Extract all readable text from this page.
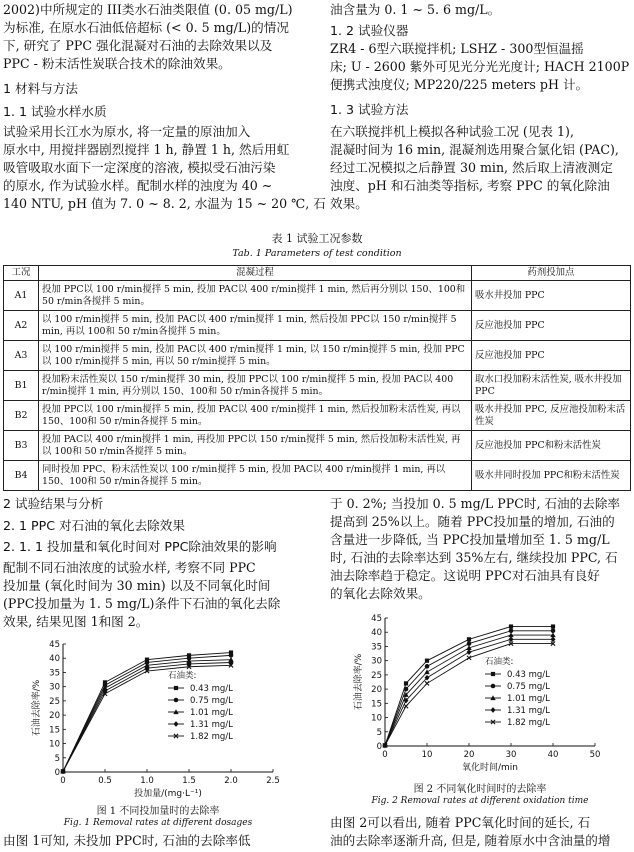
2002)中所规定的 III类水石油类限值 (0. 05 mg/L)
为标准, 在原水石油低倍超标 (< 0. 5 mg/L)的情况
下, 研究了 PPC 强化混凝对石油的去除效果以及
PPC - 粉末活性炭联合技术的除油效果。
1 材料与方法
1. 1 试验水样水质
试验采用长江水为原水, 将一定量的原油加入
原水中, 用搅拌器剧烈搅拌 1 h, 静置 1 h, 然后用虹
吸管吸取水面下一定深度的溶液, 模拟受石油污染
的原水, 作为试验水样。配制水样的浊度为 40 ~
140 NTU, pH 值为 7. 0 ~ 8. 2, 水温为 15 ~ 20 ℃, 石
油含量为 0. 1 ~ 5. 6 mg/L。
1. 2 试验仪器
ZR4 - 6型六联搅拌机; LSHZ - 300型恒温摇
床; U - 2600 紫外可见光分光光度计; HACH 2100P
便携式浊度仪; MP220/225 meters pH 计。
1. 3 试验方法
在六联搅拌机上模拟各种试验工况 (见表 1),
混凝时间为 16 min, 混凝剂选用聚合氯化铝 (PAC),
经过工况模拟之后静置 30 min, 然后取上清液测定
浊度、pH 和石油类等指标, 考察 PPC 的氧化除油
效果。
表 1 试验工况参数
Tab. 1 Parameters of test condition
工况	混凝过程	药剂投加点
A1	投加 PPC以 100 r/min搅拌 5 min, 投加 PAC以 400 r/min搅拌 1 min, 然后再分别以 150、100和 50 r/min各搅拌 5 min。	吸水井投加 PPC
A2	以 100 r/min搅拌 5 min, 投加 PAC以 400 r/min搅拌 1 min, 然后投加 PPC以 150 r/min搅拌 5 min, 再以 100和 50 r/min各搅拌 5 min。	反应池投加 PPC
A3	以 100 r/min搅拌 5 min, 投加 PAC以 400 r/min搅拌 1 min, 以 150 r/min搅拌 5 min, 投加 PPC以 100 r/min搅拌 5 min, 再以 50 r/min搅拌 5 min。	反应池投加 PPC
B1	投加粉末活性炭以 150 r/min搅拌 30 min, 投加 PPC以 100 r/min搅拌 5 min, 投加 PAC以 400 r/min搅拌 1 min, 再分别以 150、100和 50 r/min各搅拌 5 min。	取水口投加粉末活性炭, 吸水井投加 PPC
B2	投加 PPC以 100 r/min搅拌 5 min, 投加 PAC以 400 r/min搅拌 1 min, 然后投加粉末活性炭, 再以 150、100和 50 r/min各搅拌 5 min。	吸水井投加 PPC, 反应池投加粉末活性炭
B3	投加 PAC以 400 r/min搅拌 1 min, 再投加 PPC以 150 r/min搅拌 5 min, 然后投加粉末活性炭, 再以 100和 50 r/min各搅拌 5 min。	反应池投加 PPC和粉末活性炭
B4	同时投加 PPC、粉末活性炭以 100 r/min搅拌 5 min, 投加 PAC以 400 r/min搅拌 1 min, 再以 150、100和 50 r/min各搅拌 5 min。	吸水井同时投加 PPC和粉末活性炭
2 试验结果与分析
2. 1 PPC 对石油的氧化去除效果
2. 1. 1 投加量和氧化时间对 PPC除油效果的影响
配制不同石油浓度的试验水样, 考察不同 PPC
投加量 (氧化时间为 30 min) 以及不同氧化时间
(PPC投加量为 1. 5 mg/L)条件下石油的氧化去除
效果, 结果见图 1和图 2。
于 0. 2%; 当投加 0. 5 mg/L PPC时, 石油的去除率
提高到 25%以上。随着 PPC投加量的增加, 石油的
含量进一步降低, 当 PPC投加量增加至 1. 5 mg/L
时, 石油的去除率达到 35%左右, 继续投加 PPC, 石
油去除率趋于稳定。这说明 PPC对石油具有良好
的氧化去除效果。
0
5
10
15
20
25
30
35
40
45
0	0.5	1.0	1.5	2.0	2.5
投加量/(mg·L⁻¹)
石油去除率/%
石油类:
0.43 mg/L
0.75 mg/L
1.01 mg/L
1.31 mg/L
1.82 mg/L
图 1 不同投加量时的去除率
Fig. 1 Removal rates at different dosages
0
5
10
15
20
25
30
35
40
45
0	10	20	30	40	50
氧化时间/min
石油去除率/%	石油类:
0.43 mg/L
0.75 mg/L
1.01 mg/L
1.31 mg/L
1.82 mg/L
图 2 不同氧化时间时的去除率
Fig. 2 Removal rates at different oxidation time
由图 1可知, 未投加 PPC时, 石油的去除率低
由图 2可以看出, 随着 PPC氧化时间的延长, 石
油的去除率逐渐升高, 但是, 随着原水中含油量的增
